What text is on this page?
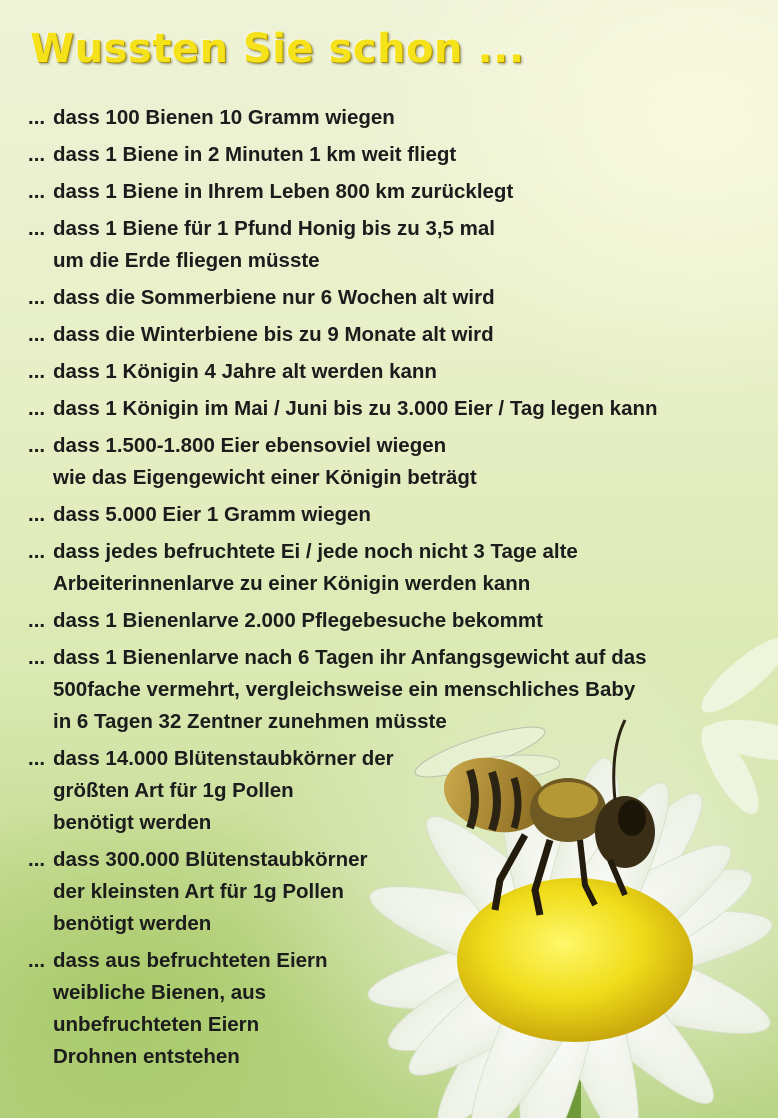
Wussten Sie schon ...
... dass 100 Bienen 10 Gramm wiegen
... dass 1 Biene in 2 Minuten 1 km weit fliegt
... dass 1 Biene in Ihrem Leben 800 km zurücklegt
... dass 1 Biene für 1 Pfund Honig bis zu 3,5 mal
um die Erde fliegen müsste
... dass die Sommerbiene nur 6 Wochen alt wird
... dass die Winterbiene bis zu 9 Monate alt wird
... dass 1 Königin 4 Jahre alt werden kann
... dass 1 Königin im Mai / Juni bis zu 3.000 Eier / Tag legen kann
... dass 1.500-1.800 Eier ebensoviel wiegen
wie das Eigengewicht einer Königin beträgt
... dass 5.000 Eier 1 Gramm wiegen
... dass jedes befruchtete Ei / jede noch nicht 3 Tage alte
Arbeiterinnenlarve zu einer Königin werden kann
... dass 1 Bienenlarve 2.000 Pflegebesuche bekommt
... dass 1 Bienenlarve nach 6 Tagen ihr Anfangsgewicht auf das
500fache vermehrt, vergleichsweise ein menschliches Baby
in 6 Tagen 32 Zentner zunehmen müsste
... dass 14.000 Blütenstaubkörner der
größten Art für 1g Pollen
benötigt werden
... dass 300.000 Blütenstaubkörner
der kleinsten Art für 1g Pollen
benötigt werden
... dass aus befruchteten Eiern
weibliche Bienen, aus
unbefruchteten Eiern
Drohnen entstehen
